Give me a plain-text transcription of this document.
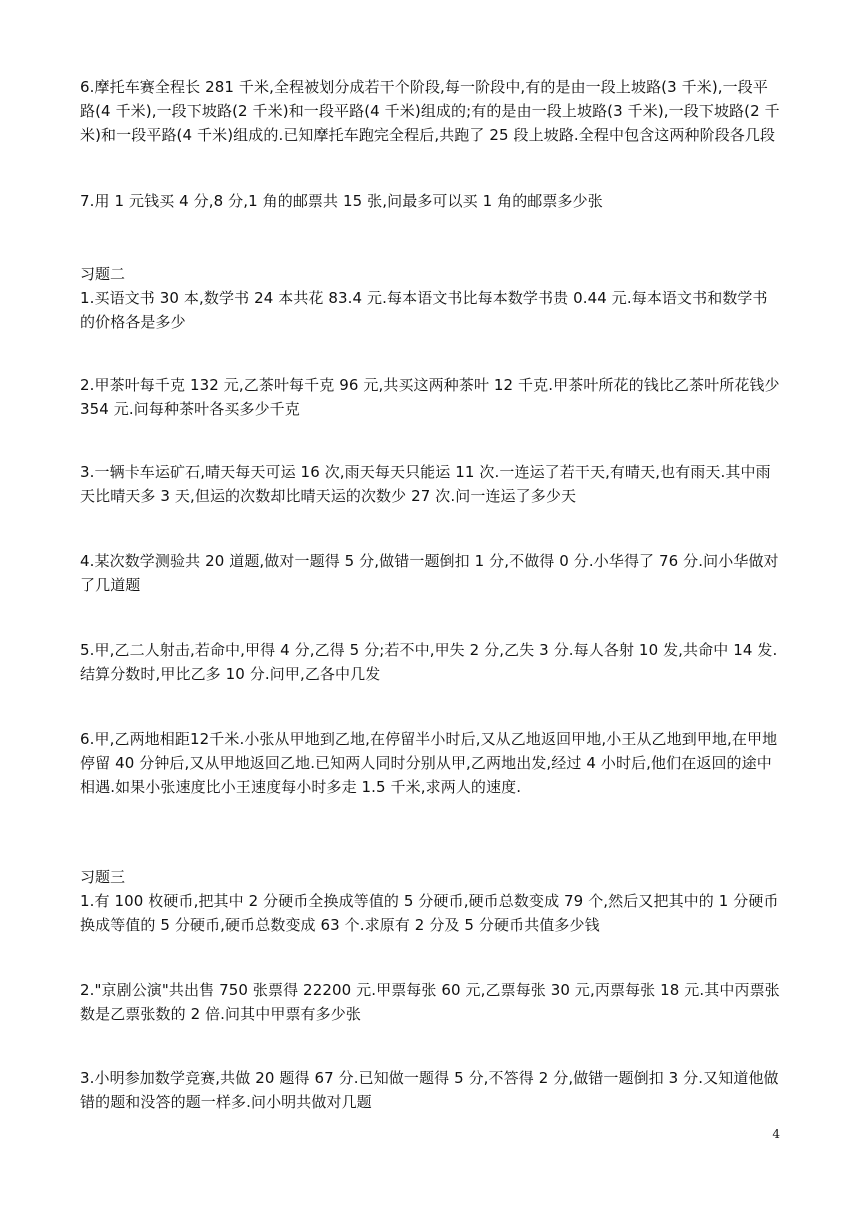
6.摩托车赛全程长 281 千米,全程被划分成若干个阶段,每一阶段中,有的是由一段上坡路(3 千米),一段平路(4 千米),一段下坡路(2 千米)和一段平路(4 千米)组成的;有的是由一段上坡路(3 千米),一段下坡路(2 千米)和一段平路(4 千米)组成的.已知摩托车跑完全程后,共跑了 25 段上坡路.全程中包含这两种阶段各几段
7.用 1 元钱买 4 分,8 分,1 角的邮票共 15 张,问最多可以买 1 角的邮票多少张
习题二
1.买语文书 30 本,数学书 24 本共花 83.4 元.每本语文书比每本数学书贵 0.44 元.每本语文书和数学书的价格各是多少
2.甲茶叶每千克 132 元,乙茶叶每千克 96 元,共买这两种茶叶 12 千克.甲茶叶所花的钱比乙茶叶所花钱少 354 元.问每种茶叶各买多少千克
3.一辆卡车运矿石,晴天每天可运 16 次,雨天每天只能运 11 次.一连运了若干天,有晴天,也有雨天.其中雨天比晴天多 3 天,但运的次数却比晴天运的次数少 27 次.问一连运了多少天
4.某次数学测验共 20 道题,做对一题得 5 分,做错一题倒扣 1 分,不做得 0 分.小华得了 76 分.问小华做对了几道题
5.甲,乙二人射击,若命中,甲得 4 分,乙得 5 分;若不中,甲失 2 分,乙失 3 分.每人各射 10 发,共命中 14 发.结算分数时,甲比乙多 10 分.问甲,乙各中几发
6.甲,乙两地相距12千米.小张从甲地到乙地,在停留半小时后,又从乙地返回甲地,小王从乙地到甲地,在甲地停留 40 分钟后,又从甲地返回乙地.已知两人同时分别从甲,乙两地出发,经过 4 小时后,他们在返回的途中相遇.如果小张速度比小王速度每小时多走 1.5 千米,求两人的速度.
习题三
1.有 100 枚硬币,把其中 2 分硬币全换成等值的 5 分硬币,硬币总数变成 79 个,然后又把其中的 1 分硬币换成等值的 5 分硬币,硬币总数变成 63 个.求原有 2 分及 5 分硬币共值多少钱
2."京剧公演"共出售 750 张票得 22200 元.甲票每张 60 元,乙票每张 30 元,丙票每张 18 元.其中丙票张数是乙票张数的 2 倍.问其中甲票有多少张
3.小明参加数学竞赛,共做 20 题得 67 分.已知做一题得 5 分,不答得 2 分,做错一题倒扣 3 分.又知道他做错的题和没答的题一样多.问小明共做对几题
4
